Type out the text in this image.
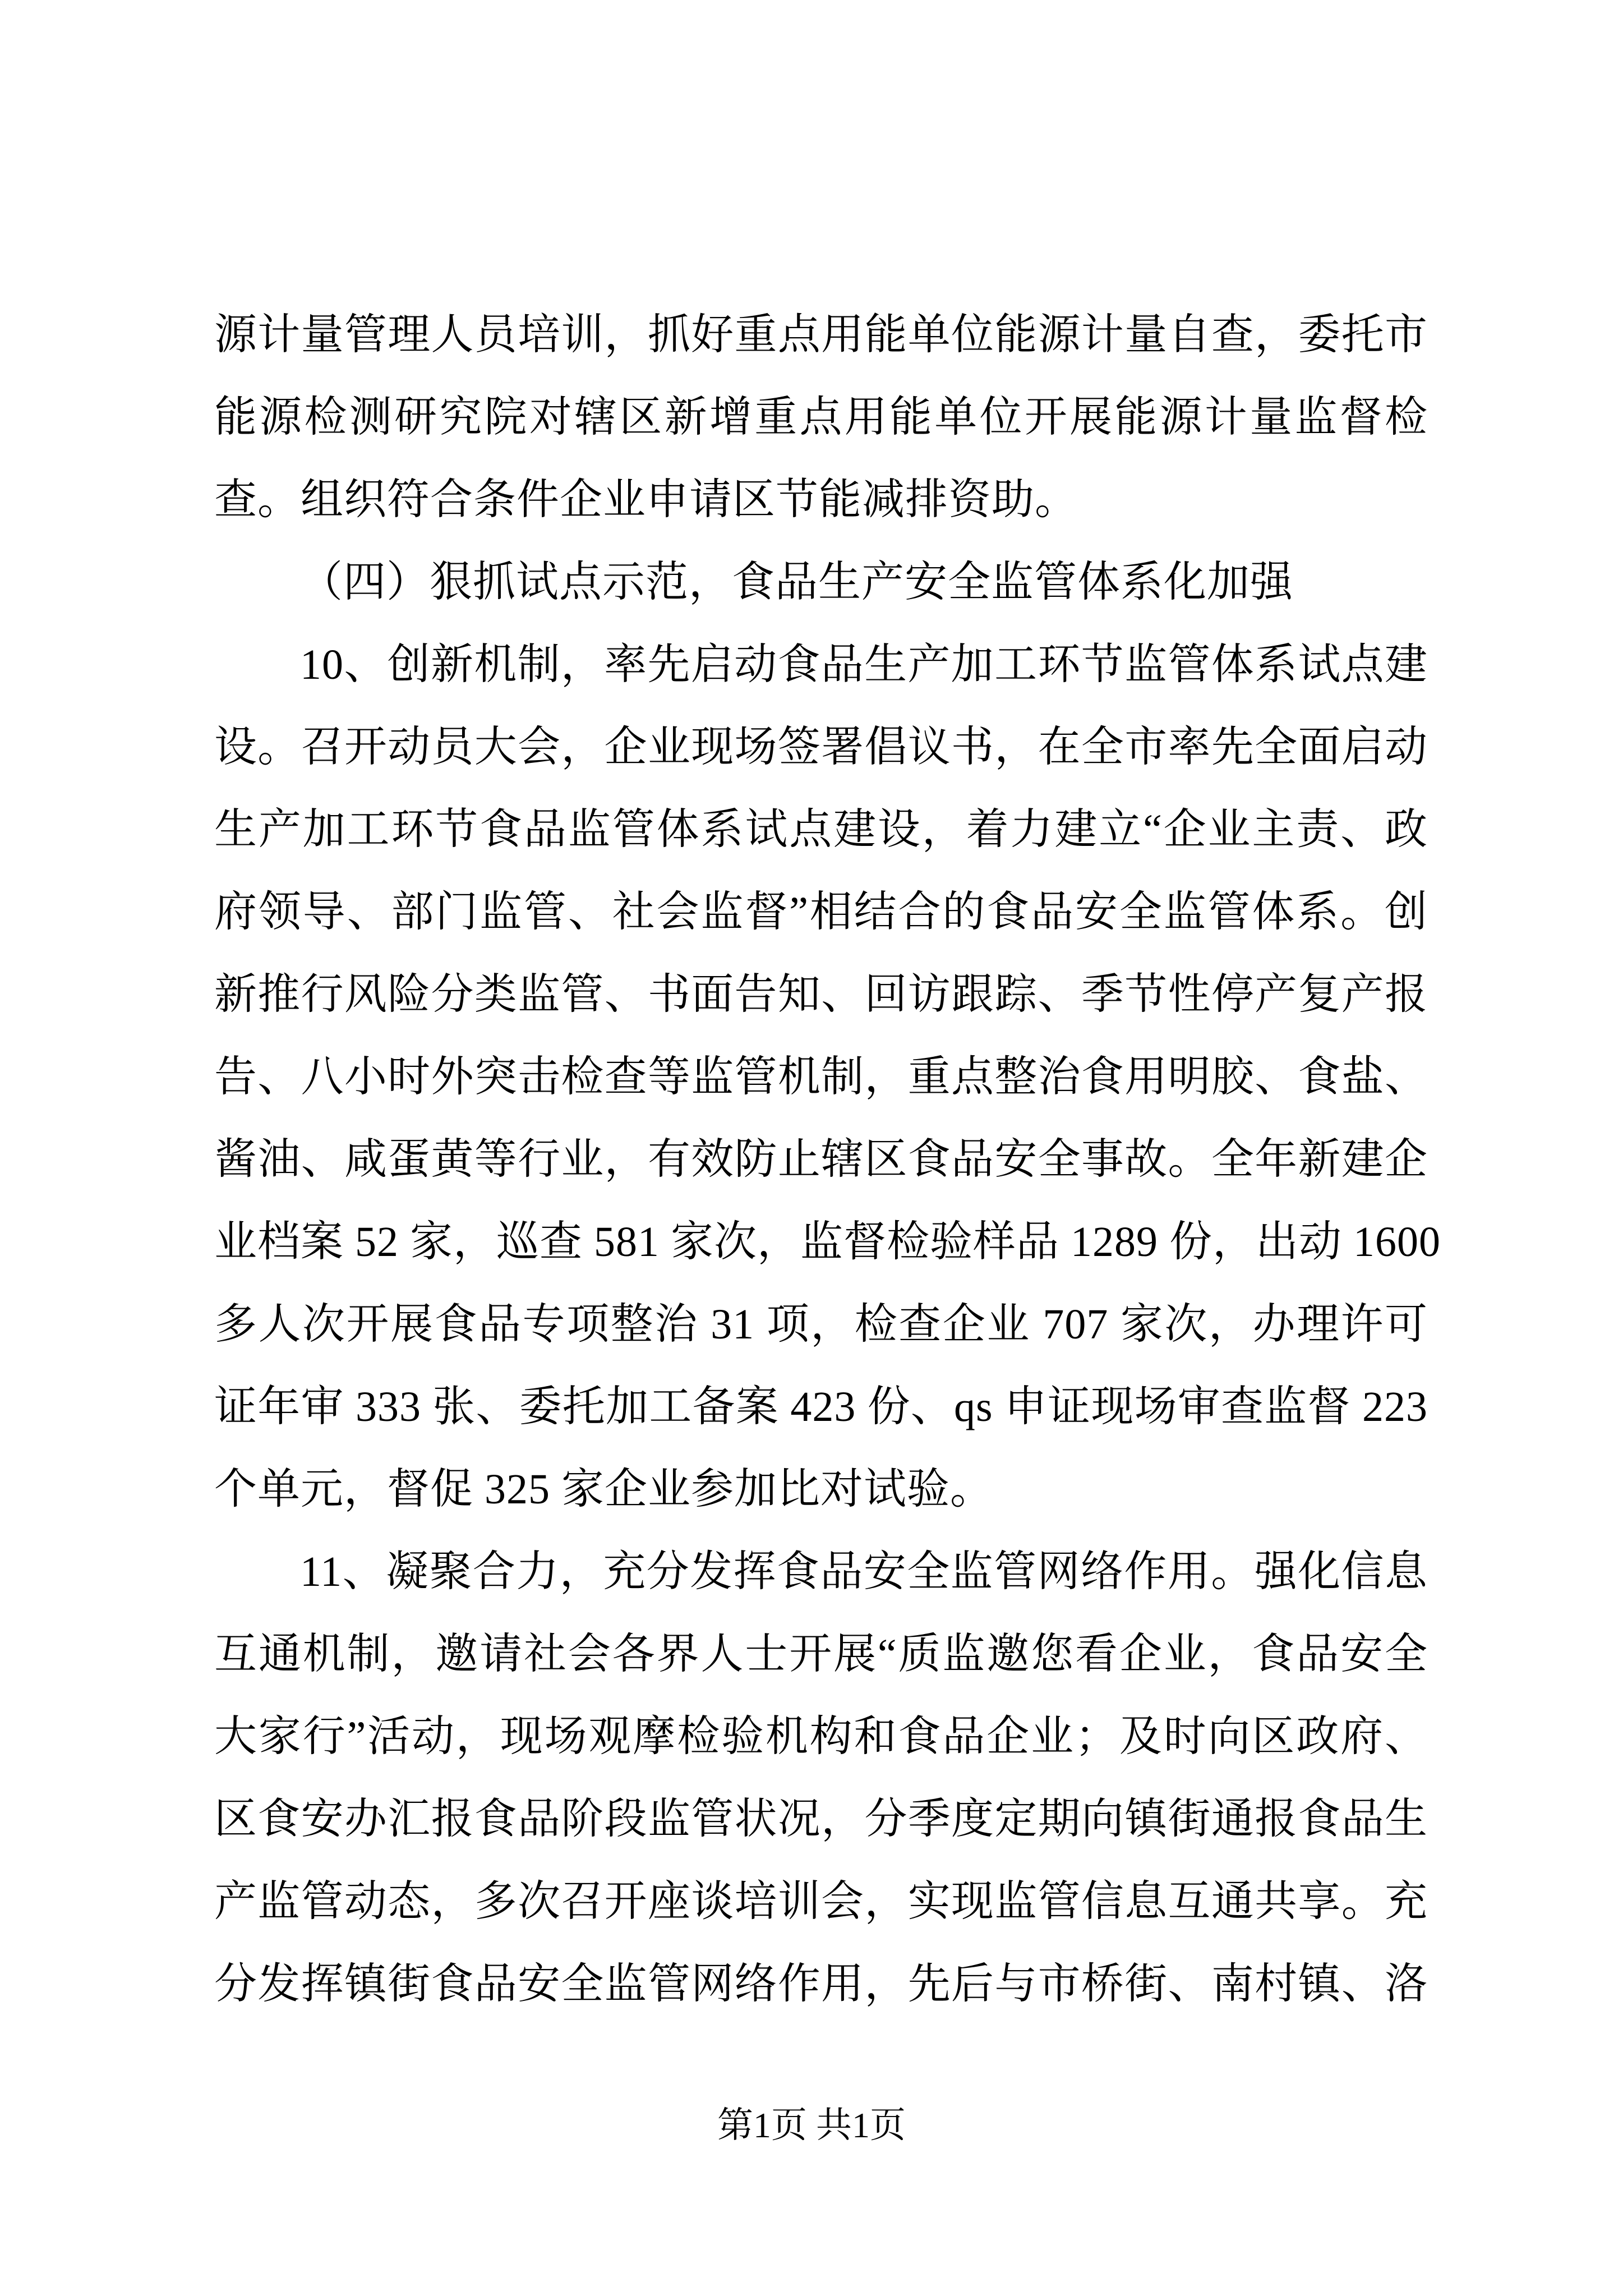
源计量管理人员培训，抓好重点用能单位能源计量自查，委托市
能源检测研究院对辖区新增重点用能单位开展能源计量监督检
查。组织符合条件企业申请区节能减排资助。
（四）狠抓试点示范，食品生产安全监管体系化加强
10、创新机制，率先启动食品生产加工环节监管体系试点建
设。召开动员大会，企业现场签署倡议书，在全市率先全面启动
生产加工环节食品监管体系试点建设，着力建立“企业主责、政
府领导、部门监管、社会监督”相结合的食品安全监管体系。创
新推行风险分类监管、书面告知、回访跟踪、季节性停产复产报
告、八小时外突击检查等监管机制，重点整治食用明胶、食盐、
酱油、咸蛋黄等行业，有效防止辖区食品安全事故。全年新建企
业档案 52 家，巡查 581 家次，监督检验样品 1289 份，出动 1600
多人次开展食品专项整治 31 项，检查企业 707 家次，办理许可
证年审 333 张、委托加工备案 423 份、qs 申证现场审查监督 223
个单元，督促 325 家企业参加比对试验。
11、凝聚合力，充分发挥食品安全监管网络作用。强化信息
互通机制，邀请社会各界人士开展“质监邀您看企业，食品安全
大家行”活动，现场观摩检验机构和食品企业；及时向区政府、
区食安办汇报食品阶段监管状况，分季度定期向镇街通报食品生
产监管动态，多次召开座谈培训会，实现监管信息互通共享。充
分发挥镇街食品安全监管网络作用，先后与市桥街、南村镇、洛
第1页 共1页
